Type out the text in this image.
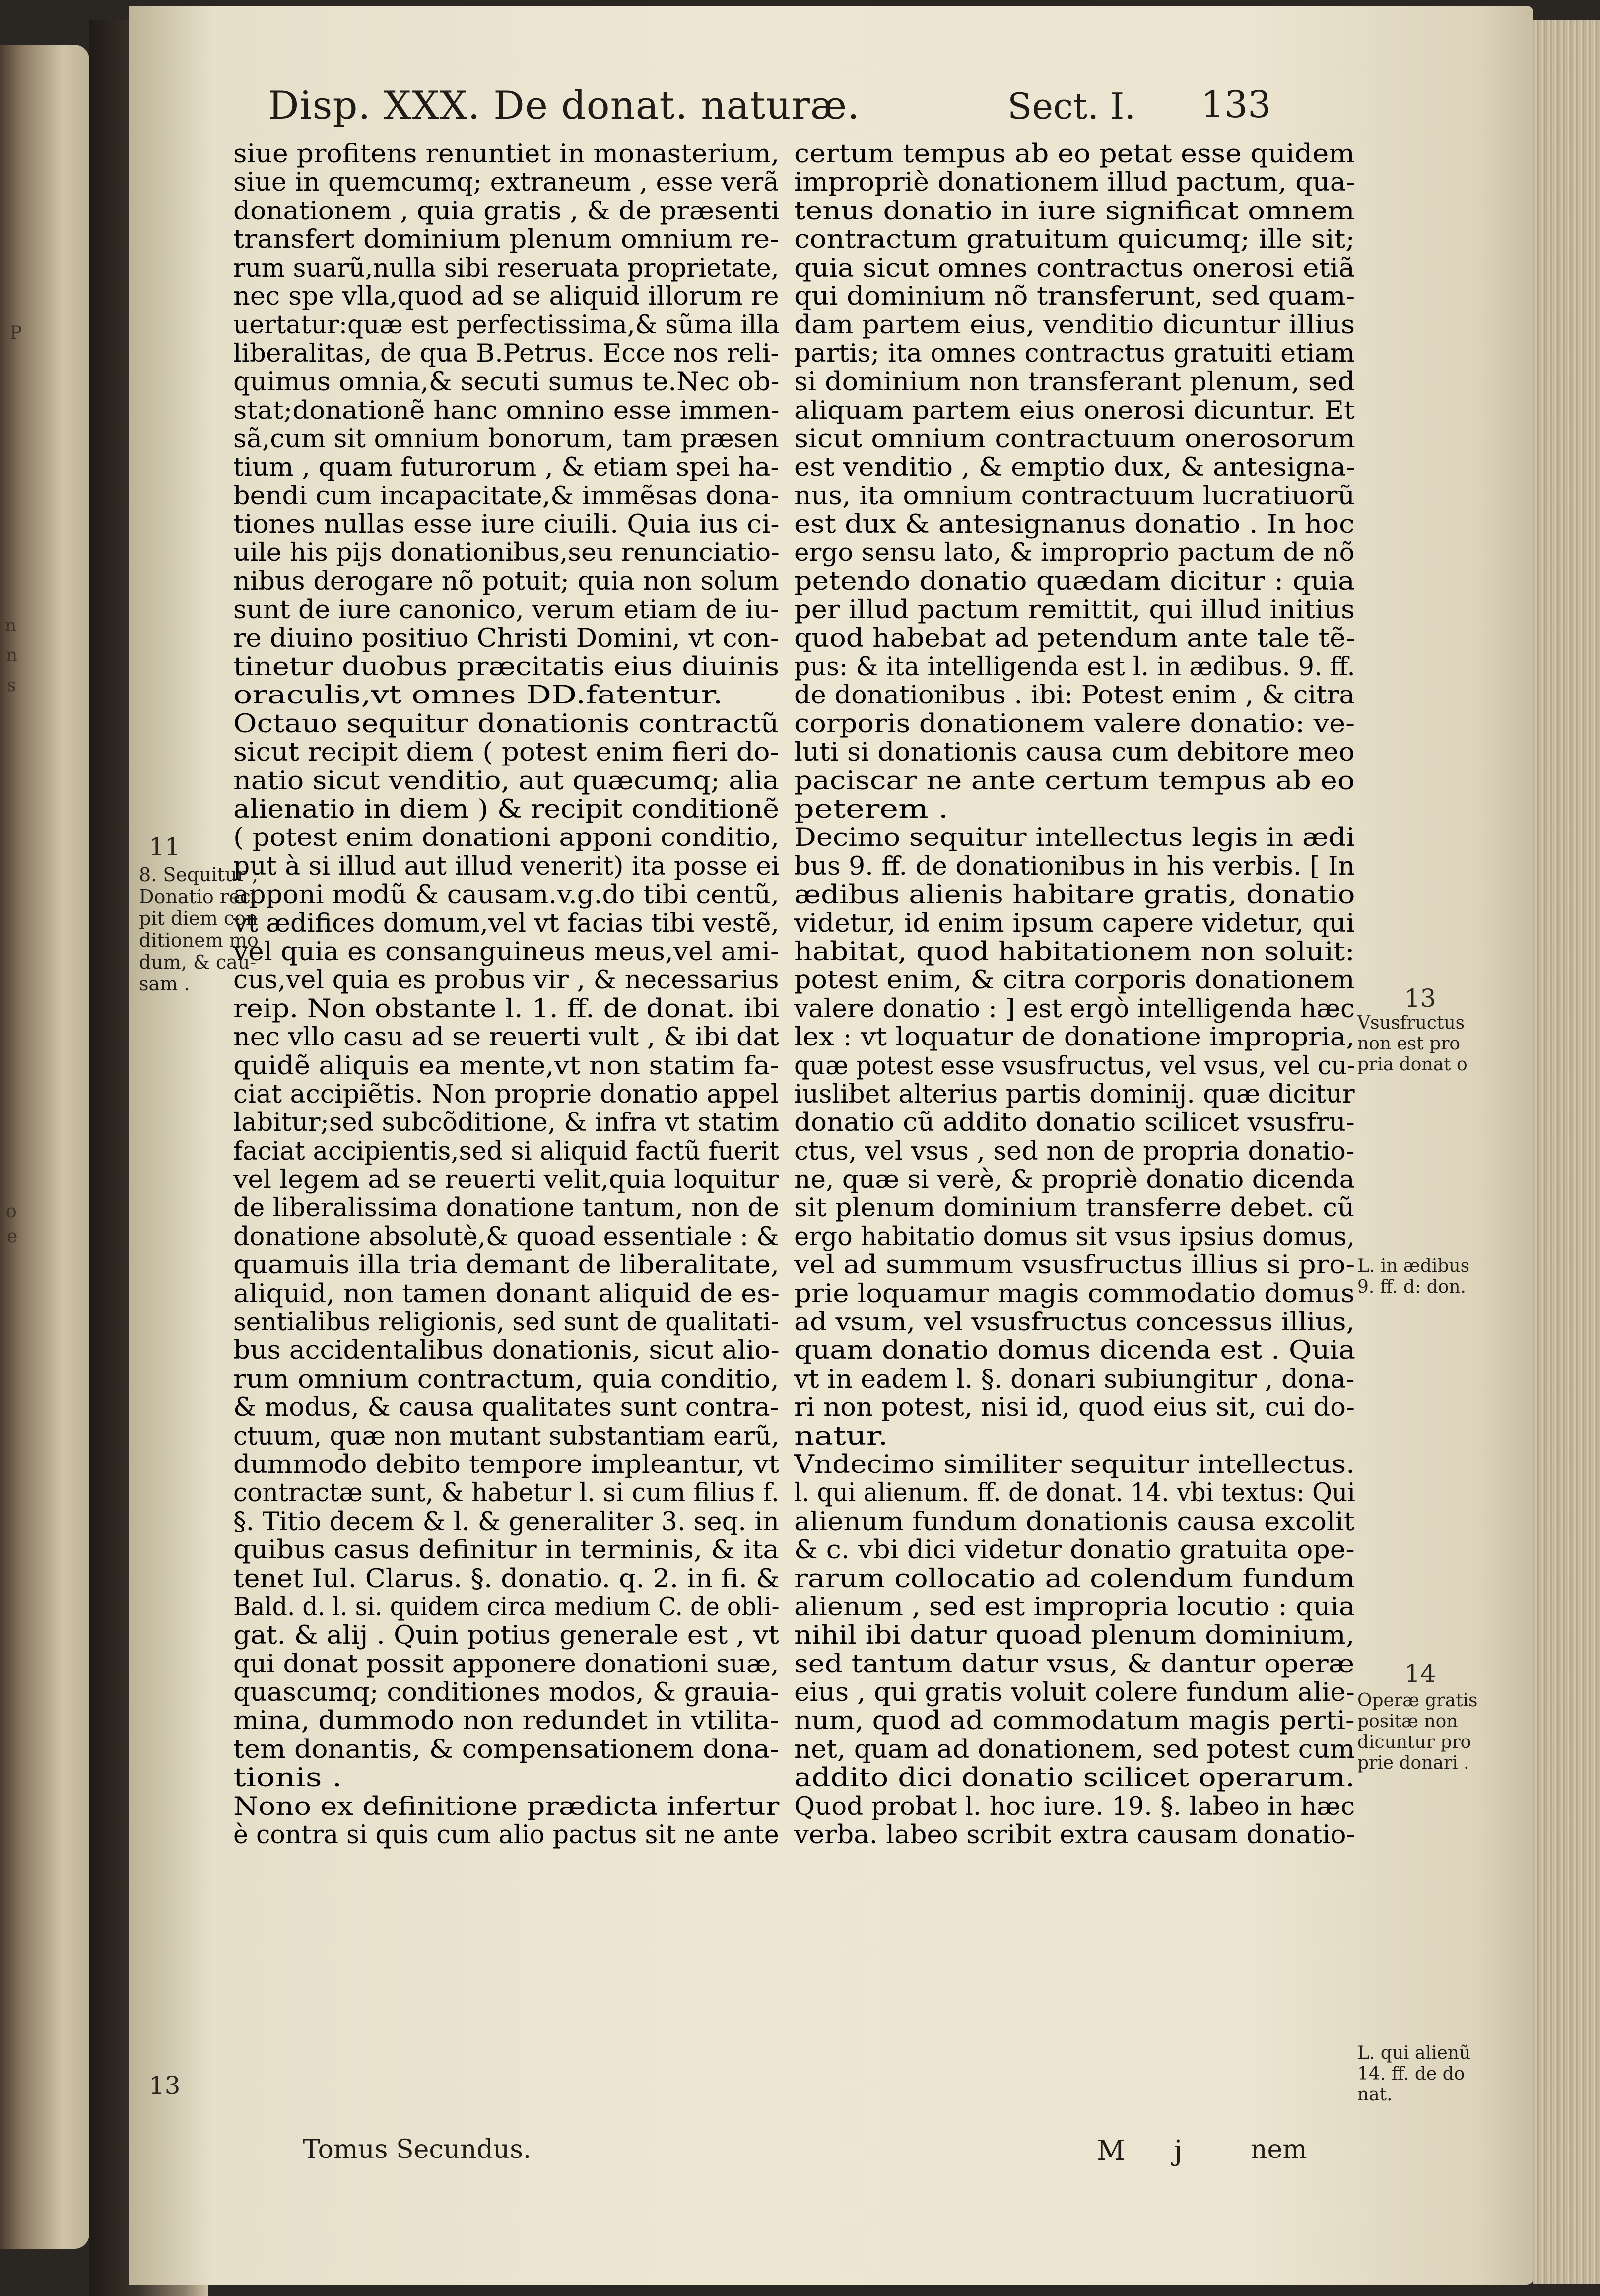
P
n
n
s
o
e
Disp. XXX. De donat. naturæ.	Sect. I. 133
siue profitens renuntiet in monasterium,
siue in quemcumq; extraneum , esse verã
donationem , quia gratis , & de præsenti
transfert dominium plenum omnium re-
rum suarũ,nulla sibi reseruata proprietate,
nec spe vlla,quod ad se aliquid illorum re
uertatur:quæ est perfectissima,& sũma illa
liberalitas, de qua B.Petrus. Ecce nos reli-
quimus omnia,& secuti sumus te.Nec ob-
stat;donationẽ hanc omnino esse immen-
sã,cum sit omnium bonorum, tam præsen
tium , quam futurorum , & etiam spei ha-
bendi cum incapacitate,& immẽsas dona-
tiones nullas esse iure ciuili. Quia ius ci-
uile his pijs donationibus,seu renunciatio-
nibus derogare nõ potuit; quia non solum
sunt de iure canonico, verum etiam de iu-
re diuino positiuo Christi Domini, vt con-
tinetur duobus præcitatis eius diuinis
oraculis,vt omnes DD.fatentur.
Octauo sequitur donationis contractũ
sicut recipit diem ( potest enim fieri do-
natio sicut venditio, aut quæcumq; alia
alienatio in diem ) & recipit conditionẽ
( potest enim donationi apponi conditio,
put à si illud aut illud venerit) ita posse ei
apponi modũ & causam.v.g.do tibi centũ,
vt ædifices domum,vel vt facias tibi vestẽ,
vel quia es consanguineus meus,vel ami-
cus,vel quia es probus vir , & necessarius
reip. Non obstante l. 1. ff. de donat. ibi
nec vllo casu ad se reuerti vult , & ibi dat
quidẽ aliquis ea mente,vt non statim fa-
ciat accipiẽtis. Non proprie donatio appel
labitur;sed subcõditione, & infra vt statim
faciat accipientis,sed si aliquid factũ fuerit
vel legem ad se reuerti velit,quia loquitur
de liberalissima donatione tantum, non de
donatione absolutè,& quoad essentiale : &
quamuis illa tria demant de liberalitate,
aliquid, non tamen donant aliquid de es-
sentialibus religionis, sed sunt de qualitati-
bus accidentalibus donationis, sicut alio-
rum omnium contractum, quia conditio,
& modus, & causa qualitates sunt contra-
ctuum, quæ non mutant substantiam earũ,
dummodo debito tempore impleantur, vt
contractæ sunt, & habetur l. si cum filius f.
§. Titio decem & l. & generaliter 3. seq. in
quibus casus definitur in terminis, & ita
tenet Iul. Clarus. §. donatio. q. 2. in fi. &
Bald. d. l. si. quidem circa medium C. de obli-
gat. & alij . Quin potius generale est , vt
qui donat possit apponere donationi suæ,
quascumq; conditiones modos, & grauia-
mina, dummodo non redundet in vtilita-
tem donantis, & compensationem dona-
tionis .
Nono ex definitione prædicta infertur
è contra si quis cum alio pactus sit ne ante
certum tempus ab eo petat esse quidem
impropriè donationem illud pactum, qua-
tenus donatio in iure significat omnem
contractum gratuitum quicumq; ille sit;
quia sicut omnes contractus onerosi etiã
qui dominium nõ transferunt, sed quam-
dam partem eius, venditio dicuntur illius
partis; ita omnes contractus gratuiti etiam
si dominium non transferant plenum, sed
aliquam partem eius onerosi dicuntur. Et
sicut omnium contractuum onerosorum
est venditio , & emptio dux, & antesigna-
nus, ita omnium contractuum lucratiuorũ
est dux & antesignanus donatio . In hoc
ergo sensu lato, & improprio pactum de nõ
petendo donatio quædam dicitur : quia
per illud pactum remittit, qui illud initius
quod habebat ad petendum ante tale tẽ-
pus: & ita intelligenda est l. in ædibus. 9. ff.
de donationibus . ibi: Potest enim , & citra
corporis donationem valere donatio: ve-
luti si donationis causa cum debitore meo
paciscar ne ante certum tempus ab eo
peterem .
Decimo sequitur intellectus legis in ædi
bus 9. ff. de donationibus in his verbis. [ In
ædibus alienis habitare gratis, donatio
videtur, id enim ipsum capere videtur, qui
habitat, quod habitationem non soluit:
potest enim, & citra corporis donationem
valere donatio : ] est ergò intelligenda hæc
lex : vt loquatur de donatione impropria,
quæ potest esse vsusfructus, vel vsus, vel cu-
iuslibet alterius partis dominij. quæ dicitur
donatio cũ addito donatio scilicet vsusfru-
ctus, vel vsus , sed non de propria donatio-
ne, quæ si verè, & propriè donatio dicenda
sit plenum dominium transferre debet. cũ
ergo habitatio domus sit vsus ipsius domus,
vel ad summum vsusfructus illius si pro-
prie loquamur magis commodatio domus
ad vsum, vel vsusfructus concessus illius,
quam donatio domus dicenda est . Quia
vt in eadem l. §. donari subiungitur , dona-
ri non potest, nisi id, quod eius sit, cui do-
natur.
Vndecimo similiter sequitur intellectus.
l. qui alienum. ff. de donat. 14. vbi textus: Qui
alienum fundum donationis causa excolit
& c. vbi dici videtur donatio gratuita ope-
rarum collocatio ad colendum fundum
alienum , sed est impropria locutio : quia
nihil ibi datur quoad plenum dominium,
sed tantum datur vsus, & dantur operæ
eius , qui gratis voluit colere fundum alie-
num, quod ad commodatum magis perti-
net, quam ad donationem, sed potest cum
addito dici donatio scilicet operarum.
Quod probat l. hoc iure. 19. §. labeo in hæc
verba. labeo scribit extra causam donatio-
11
8. Sequitur ,
Donatio reci
pit diem con
ditionem mo
dum, & cau-
sam .
13
13
Vsusfructus
non est pro
pria donat o
L. in ædibus
9. ff. d: don.
14
Operæ gratis
positæ non
dicuntur pro
prie donari .
L. qui alienũ
14. ff. de do
nat.
Tomus Secundus.	M j nem
